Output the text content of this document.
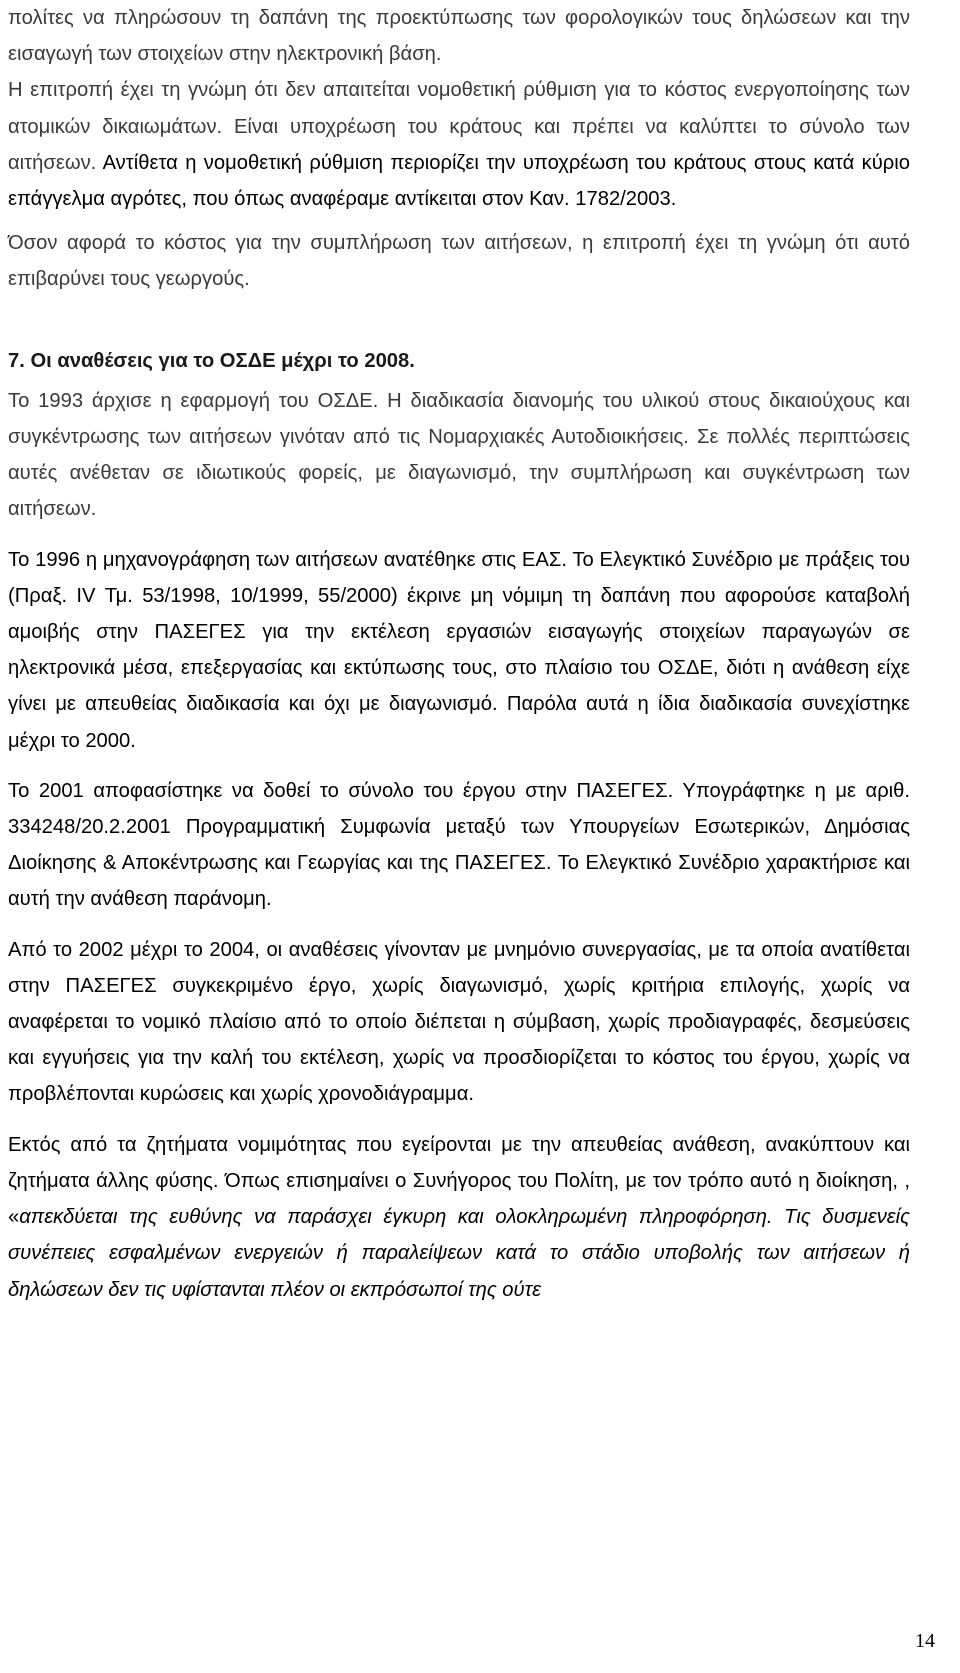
πολίτες να πληρώσουν τη δαπάνη της προεκτύπωσης των φορολογικών τους δηλώσεων και την εισαγωγή των στοιχείων στην ηλεκτρονική βάση.

Η επιτροπή έχει τη γνώμη ότι δεν απαιτείται νομοθετική ρύθμιση για το κόστος ενεργοποίησης των ατομικών δικαιωμάτων. Είναι υποχρέωση του κράτους και πρέπει να καλύπτει το σύνολο των αιτήσεων. Αντίθετα η νομοθετική ρύθμιση περιορίζει την υποχρέωση του κράτους στους κατά κύριο επάγγελμα αγρότες, που όπως αναφέραμε αντίκειται στον Καν. 1782/2003.

Όσον αφορά το κόστος για την συμπλήρωση των αιτήσεων, η επιτροπή έχει τη γνώμη ότι αυτό επιβαρύνει τους γεωργούς.

7. Οι αναθέσεις για το ΟΣΔΕ μέχρι το 2008.

Το 1993 άρχισε η εφαρμογή του ΟΣΔΕ. Η διαδικασία διανομής του υλικού στους δικαιούχους και συγκέντρωσης των αιτήσεων γινόταν από τις Νομαρχιακές Αυτοδιοικήσεις. Σε πολλές περιπτώσεις αυτές ανέθεταν σε ιδιωτικούς φορείς, με διαγωνισμό, την συμπλήρωση και συγκέντρωση των αιτήσεων.

Το 1996 η μηχανογράφηση των αιτήσεων ανατέθηκε στις ΕΑΣ. Το Ελεγκτικό Συνέδριο με πράξεις του (Πραξ. IV Τμ. 53/1998, 10/1999, 55/2000) έκρινε μη νόμιμη τη δαπάνη που αφορούσε καταβολή αμοιβής στην ΠΑΣΕΓΕΣ για την εκτέλεση εργασιών εισαγωγής στοιχείων παραγωγών σε ηλεκτρονικά μέσα, επεξεργασίας και εκτύπωσης τους, στο πλαίσιο του ΟΣΔΕ, διότι η ανάθεση είχε γίνει με απευθείας διαδικασία και όχι με διαγωνισμό. Παρόλα αυτά η ίδια διαδικασία συνεχίστηκε μέχρι το 2000.

Το 2001 αποφασίστηκε να δοθεί το σύνολο του έργου στην ΠΑΣΕΓΕΣ. Υπογράφτηκε η με αριθ. 334248/20.2.2001 Προγραμματική Συμφωνία μεταξύ των Υπουργείων Εσωτερικών, Δημόσιας Διοίκησης & Αποκέντρωσης και Γεωργίας και της ΠΑΣΕΓΕΣ. Το Ελεγκτικό Συνέδριο χαρακτήρισε και αυτή την ανάθεση παράνομη.

Από το 2002 μέχρι το 2004, οι αναθέσεις γίνονταν με μνημόνιο συνεργασίας, με τα οποία ανατίθεται στην ΠΑΣΕΓΕΣ συγκεκριμένο έργο, χωρίς διαγωνισμό, χωρίς κριτήρια επιλογής, χωρίς να αναφέρεται το νομικό πλαίσιο από το οποίο διέπεται η σύμβαση, χωρίς προδιαγραφές, δεσμεύσεις και εγγυήσεις για την καλή του εκτέλεση, χωρίς να προσδιορίζεται το κόστος του έργου, χωρίς να προβλέπονται κυρώσεις και χωρίς χρονοδιάγραμμα.

Εκτός από τα ζητήματα νομιμότητας που εγείρονται με την απευθείας ανάθεση, ανακύπτουν και ζητήματα άλλης φύσης. Όπως επισημαίνει ο Συνήγορος του Πολίτη, με τον τρόπο αυτό η διοίκηση, , «απεκδύεται της ευθύνης να παράσχει έγκυρη και ολοκληρωμένη πληροφόρηση. Τις δυσμενείς συνέπειες εσφαλμένων ενεργειών ή παραλείψεων κατά το στάδιο υποβολής των αιτήσεων ή δηλώσεων δεν τις υφίστανται πλέον οι εκπρόσωποί της ούτε

14
